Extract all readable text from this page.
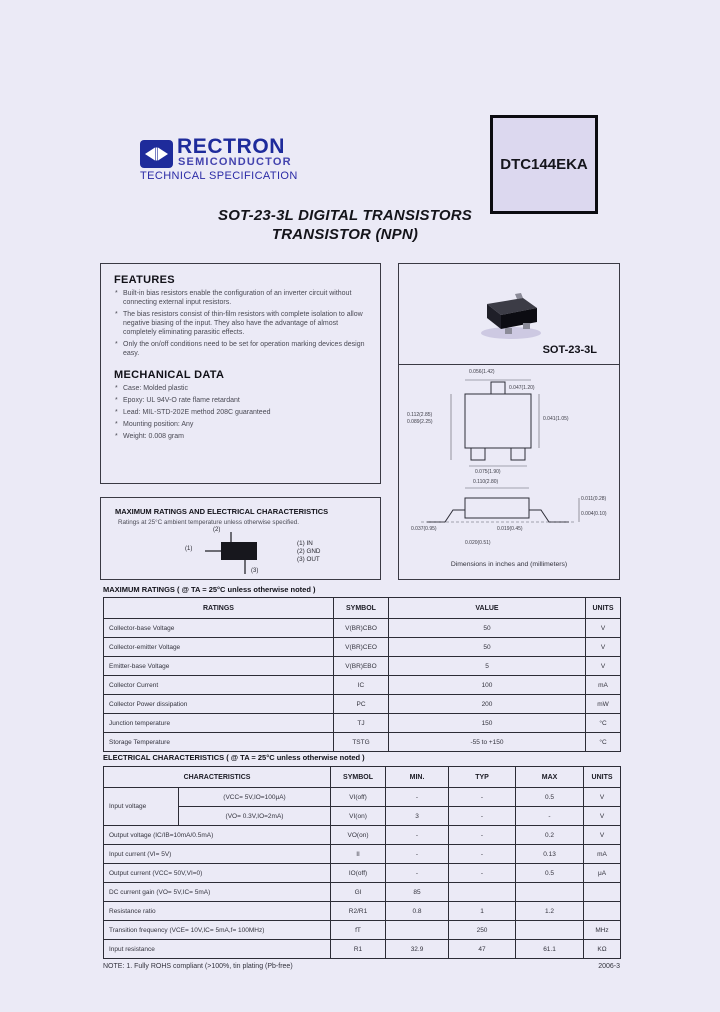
RECTRON
SEMICONDUCTOR
TECHNICAL SPECIFICATION
DTC144EKA
SOT-23-3L DIGITAL TRANSISTORS
TRANSISTOR (NPN)
FEATURES
* Built-in bias resistors enable the configuration of an inverter circuit without connecting external input resistors.
* The bias resistors consist of thin-film resistors with complete isolation to allow negative biasing of the input. They also have the advantage of almost completely eliminating parasitic effects.
* Only the on/off conditions need to be set for operation marking devices design easy.
MECHANICAL DATA
* Case: Molded plastic
* Epoxy: UL 94V-O rate flame retardant
* Lead: MIL-STD-202E method 208C guaranteed
* Mounting position: Any
* Weight: 0.008 gram
MAXIMUM RATINGS AND ELECTRICAL CHARACTERISTICS
Ratings at 25°C ambient temperature unless otherwise specified.
(2)
(1)
(3)
(1) IN
(2) GND
(3) OUT
SOT-23-3L
0.112(2.85)
0.089(2.25)
0.056(1.42)
0.047(1.20)
0.041(1.05)
0.075(1.90)
0.110(2.80)
0.037(0.95)	0.019(0.45)
0.011(0.28)
0.004(0.10)
0.020(0.51)
Dimensions in inches and (millimeters)
MAXIMUM RATINGS ( @ TA = 25°C unless otherwise noted )
RATINGS	SYMBOL	VALUE	UNITS
Collector-base Voltage	V(BR)CBO	50	V
Collector-emitter Voltage	V(BR)CEO	50	V
Emitter-base Voltage	V(BR)EBO	5	V
Collector Current	IC	100	mA
Collector Power dissipation	PC	200	mW
Junction temperature	TJ	150	°C
Storage Temperature	TSTG	-55 to +150	°C
ELECTRICAL CHARACTERISTICS ( @ TA = 25°C unless otherwise noted )
CHARACTERISTICS		SYMBOL	MIN.	TYP	MAX	UNITS
Input voltage	(VCC= 5V,IO=100μA)	VI(off)	-	-	0.5	V
	(VO= 0.3V,IO=2mA)	VI(on)	3	-	-	V
Output voltage (IC/IB=10mA/0.5mA)		VO(on)	-	-	0.2	V
Input current (VI= 5V)		II	-	-	0.13	mA
Output current (VCC= 50V,VI=0)		IO(off)	-	-	0.5	μA
DC current gain (VO= 5V,IC= 5mA)		GI	85			
Resistance ratio		R2/R1	0.8	1	1.2	
Transition frequency (VCE= 10V,IC= 5mA,f= 100MHz)		fT		250		MHz
Input resistance		R1	32.9	47	61.1	KΩ
NOTE: 1. Fully ROHS compliant (>100%, tin plating (Pb-free)	2006-3
